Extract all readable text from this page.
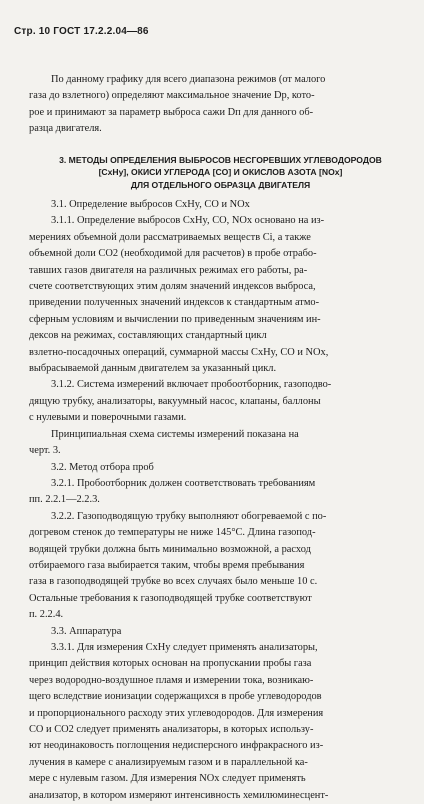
Стр. 10 ГОСТ 17.2.2.04—86

По данному графику для всего диапазона режимов (от малого
газа до взлетного) определяют максимальное значение Dр, кото-
рое и принимают за параметр выброса сажи Dп для данного об-
разца двигателя.

3. МЕТОДЫ ОПРЕДЕЛЕНИЯ ВЫБРОСОВ НЕСГОРЕВШИХ УГЛЕВОДОРОДОВ
[CxHy], ОКИСИ УГЛЕРОДА [CO] И ОКИСЛОВ АЗОТА [NOx]
ДЛЯ ОТДЕЛЬНОГО ОБРАЗЦА ДВИГАТЕЛЯ

3.1. Определение выбросов CxHy, CO и NOx

3.1.1. Определение выбросов CxHy, CO, NOx основано на из-
мерениях объемной доли рассматриваемых веществ Ci, а также
объемной доли CO2 (необходимой для расчетов) в пробе отрабо-
тавших газов двигателя на различных режимах его работы, ра-
счете соответствующих этим долям значений индексов выброса,
приведении полученных значений индексов к стандартным атмо-
сферным условиям и вычислении по приведенным значениям ин-
дексов на режимах, составляющих стандартный цикл
взлетно-посадочных операций, суммарной массы CxHy, CO и NOx,
выбрасываемой данным двигателем за указанный цикл.

3.1.2. Система измерений включает пробоотборник, газоподво-
дящую трубку, анализаторы, вакуумный насос, клапаны, баллоны
с нулевыми и поверочными газами.

Принципиальная схема системы измерений показана на
черт. 3.

3.2. Метод отбора проб

3.2.1. Пробоотборник должен соответствовать требованиям
пп. 2.2.1—2.2.3.

3.2.2. Газоподводящую трубку выполняют обогреваемой с по-
догревом стенок до температуры не ниже 145°С. Длина газопод-
водящей трубки должна быть минимально возможной, а расход
отбираемого газа выбирается таким, чтобы время пребывания
газа в газоподводящей трубке во всех случаях было меньше 10 с.
Остальные требования к газоподводящей трубке соответствуют
п. 2.2.4.

3.3. Аппаратура

3.3.1. Для измерения CxHy следует применять анализаторы,
принцип действия которых основан на пропускании пробы газа
через водородно-воздушное пламя и измерении тока, возникаю-
щего вследствие ионизации содержащихся в пробе углеводородов
и пропорционального расходу этих углеводородов. Для измерения
CO и CO2 следует применять анализаторы, в которых использу-
ют неодинаковость поглощения недисперсного инфракрасного из-
лучения в камере с анализируемым газом и в параллельной ка-
мере с нулевым газом. Для измерения NOx следует применять
анализатор, в котором измеряют интенсивность хемилюминесцент-
